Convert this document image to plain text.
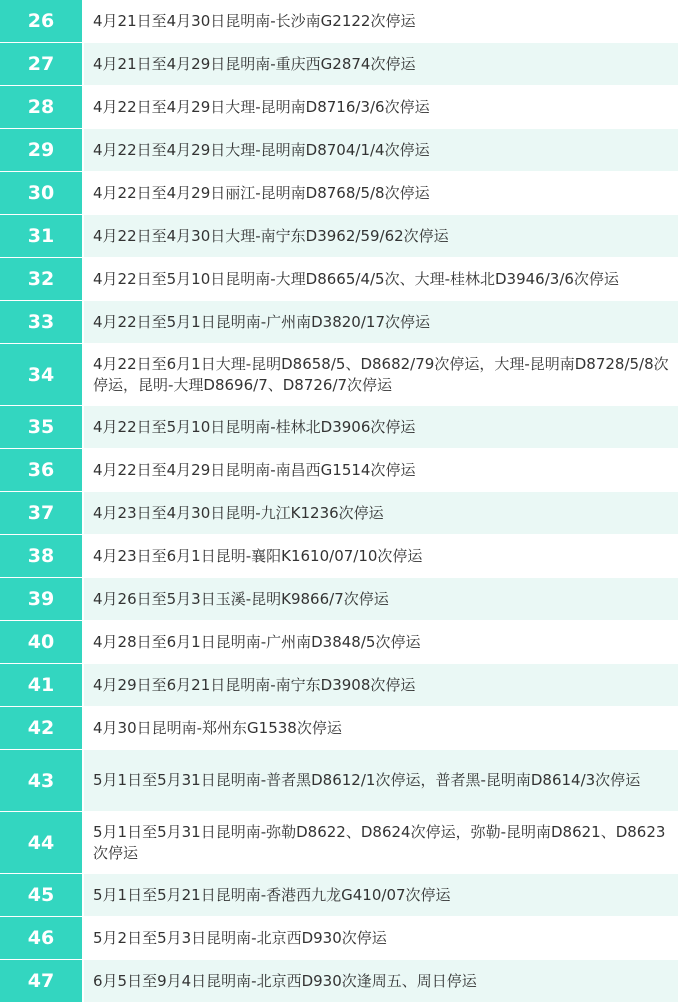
26	4月21日至4月30日昆明南-长沙南G2122次停运
27	4月21日至4月29日昆明南-重庆西G2874次停运
28	4月22日至4月29日大理-昆明南D8716/3/6次停运
29	4月22日至4月29日大理-昆明南D8704/1/4次停运
30	4月22日至4月29日丽江-昆明南D8768/5/8次停运
31	4月22日至4月30日大理-南宁东D3962/59/62次停运
32	4月22日至5月10日昆明南-大理D8665/4/5次、大理-桂林北D3946/3/6次停运
33	4月22日至5月1日昆明南-广州南D3820/17次停运
34	4月22日至6月1日大理-昆明D8658/5、D8682/79次停运，大理-昆明南D8728/5/8次停运，昆明-大理D8696/7、D8726/7次停运
35	4月22日至5月10日昆明南-桂林北D3906次停运
36	4月22日至4月29日昆明南-南昌西G1514次停运
37	4月23日至4月30日昆明-九江K1236次停运
38	4月23日至6月1日昆明-襄阳K1610/07/10次停运
39	4月26日至5月3日玉溪-昆明K9866/7次停运
40	4月28日至6月1日昆明南-广州南D3848/5次停运
41	4月29日至6月21日昆明南-南宁东D3908次停运
42	4月30日昆明南-郑州东G1538次停运
43	5月1日至5月31日昆明南-普者黑D8612/1次停运，普者黑-昆明南D8614/3次停运
44	5月1日至5月31日昆明南-弥勒D8622、D8624次停运，弥勒-昆明南D8621、D8623次停运
45	5月1日至5月21日昆明南-香港西九龙G410/07次停运
46	5月2日至5月3日昆明南-北京西D930次停运
47	6月5日至9月4日昆明南-北京西D930次逢周五、周日停运
